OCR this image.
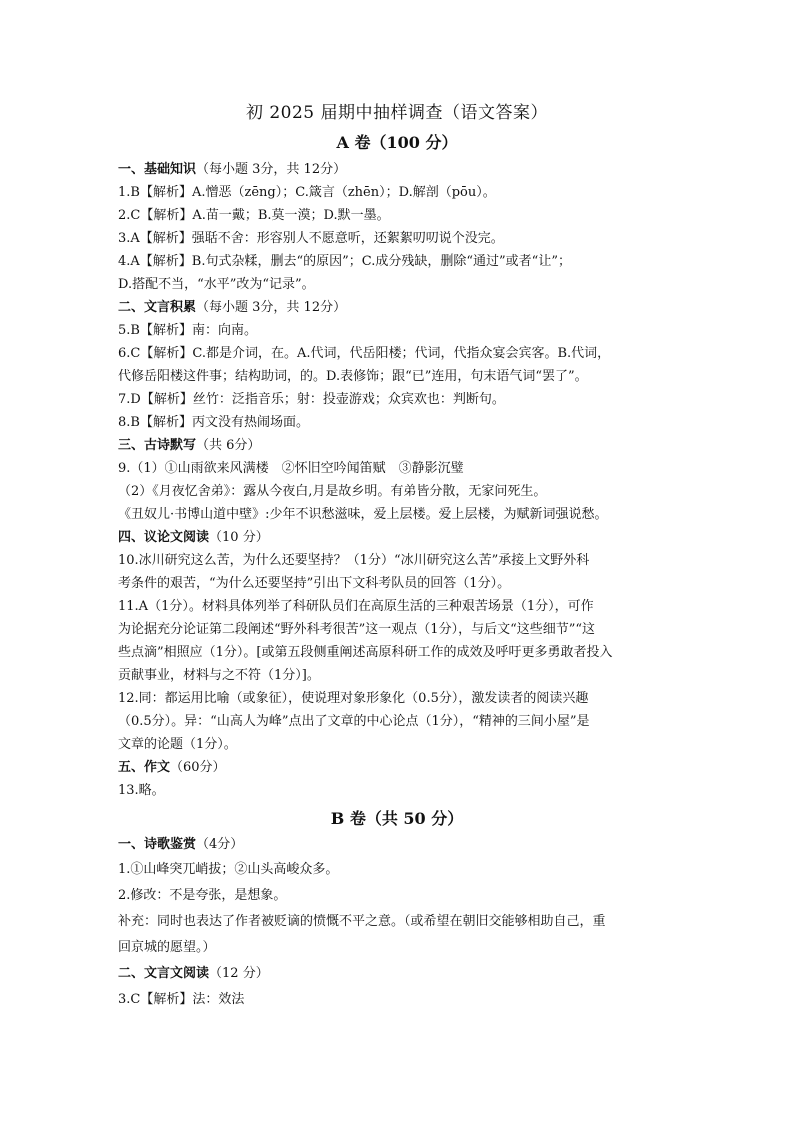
初 2025 届期中抽样调查（语文答案）
A 卷（100 分）
一、基础知识（每小题 3分，共 12分）
1.B【解析】A.憎恶（zēng）；C.箴言（zhēn）；D.解剖（pōu）。
2.C【解析】A.苗一戴；B.莫一漠；D.默一墨。
3.A【解析】强聒不舍：形容别人不愿意听，还絮絮叨叨说个没完。
4.A【解析】B.句式杂糅，删去“的原因”；C.成分残缺，删除“通过”或者“让”；
D.搭配不当，“水平”改为“记录”。
二、文言积累（每小题 3分，共 12分）
5.B【解析】南：向南。
6.C【解析】C.都是介词，在。A.代词，代岳阳楼；代词，代指众宴会宾客。B.代词，
代修岳阳楼这件事；结构助词，的。D.表修饰；跟“已”连用，句末语气词“罢了”。
7.D【解析】丝竹：泛指音乐；射：投壶游戏；众宾欢也：判断句。
8.B【解析】丙文没有热闹场面。
三、古诗默写（共 6分）
9.（1）①山雨欲来风满楼　②怀旧空吟闻笛赋　③静影沉璧
（2）《月夜忆舍弟》：露从今夜白,月是故乡明。有弟皆分散，无家问死生。
《丑奴儿·书博山道中壁》:少年不识愁滋味，爱上层楼。爱上层楼，为赋新词强说愁。
四、议论文阅读（10 分）
10.冰川研究这么苦，为什么还要坚持？（1分）“冰川研究这么苦”承接上文野外科
考条件的艰苦，“为什么还要坚持”引出下文科考队员的回答（1分）。
11.A（1分）。材料具体列举了科研队员们在高原生活的三种艰苦场景（1分），可作
为论据充分论证第二段阐述“野外科考很苦”这一观点（1分），与后文“这些细节”“这
些点滴”相照应（1分）。[或第五段侧重阐述高原科研工作的成效及呼吁更多勇敢者投入
贡献事业，材料与之不符（1分）]。
12.同：都运用比喻（或象征），使说理对象形象化（0.5分），激发读者的阅读兴趣
（0.5分）。异：“山高人为峰”点出了文章的中心论点（1分），“精神的三间小屋”是
文章的论题（1分）。
五、作文（60分）
13.略。
B 卷（共 50 分）
一、诗歌鉴赏（4分）
1.①山峰突兀峭拔；②山头高峻众多。
2.修改：不是夸张，是想象。
补充：同时也表达了作者被贬谪的愤慨不平之意。（或希望在朝旧交能够相助自己，重
回京城的愿望。）
二、文言文阅读（12 分）
3.C【解析】法：效法
